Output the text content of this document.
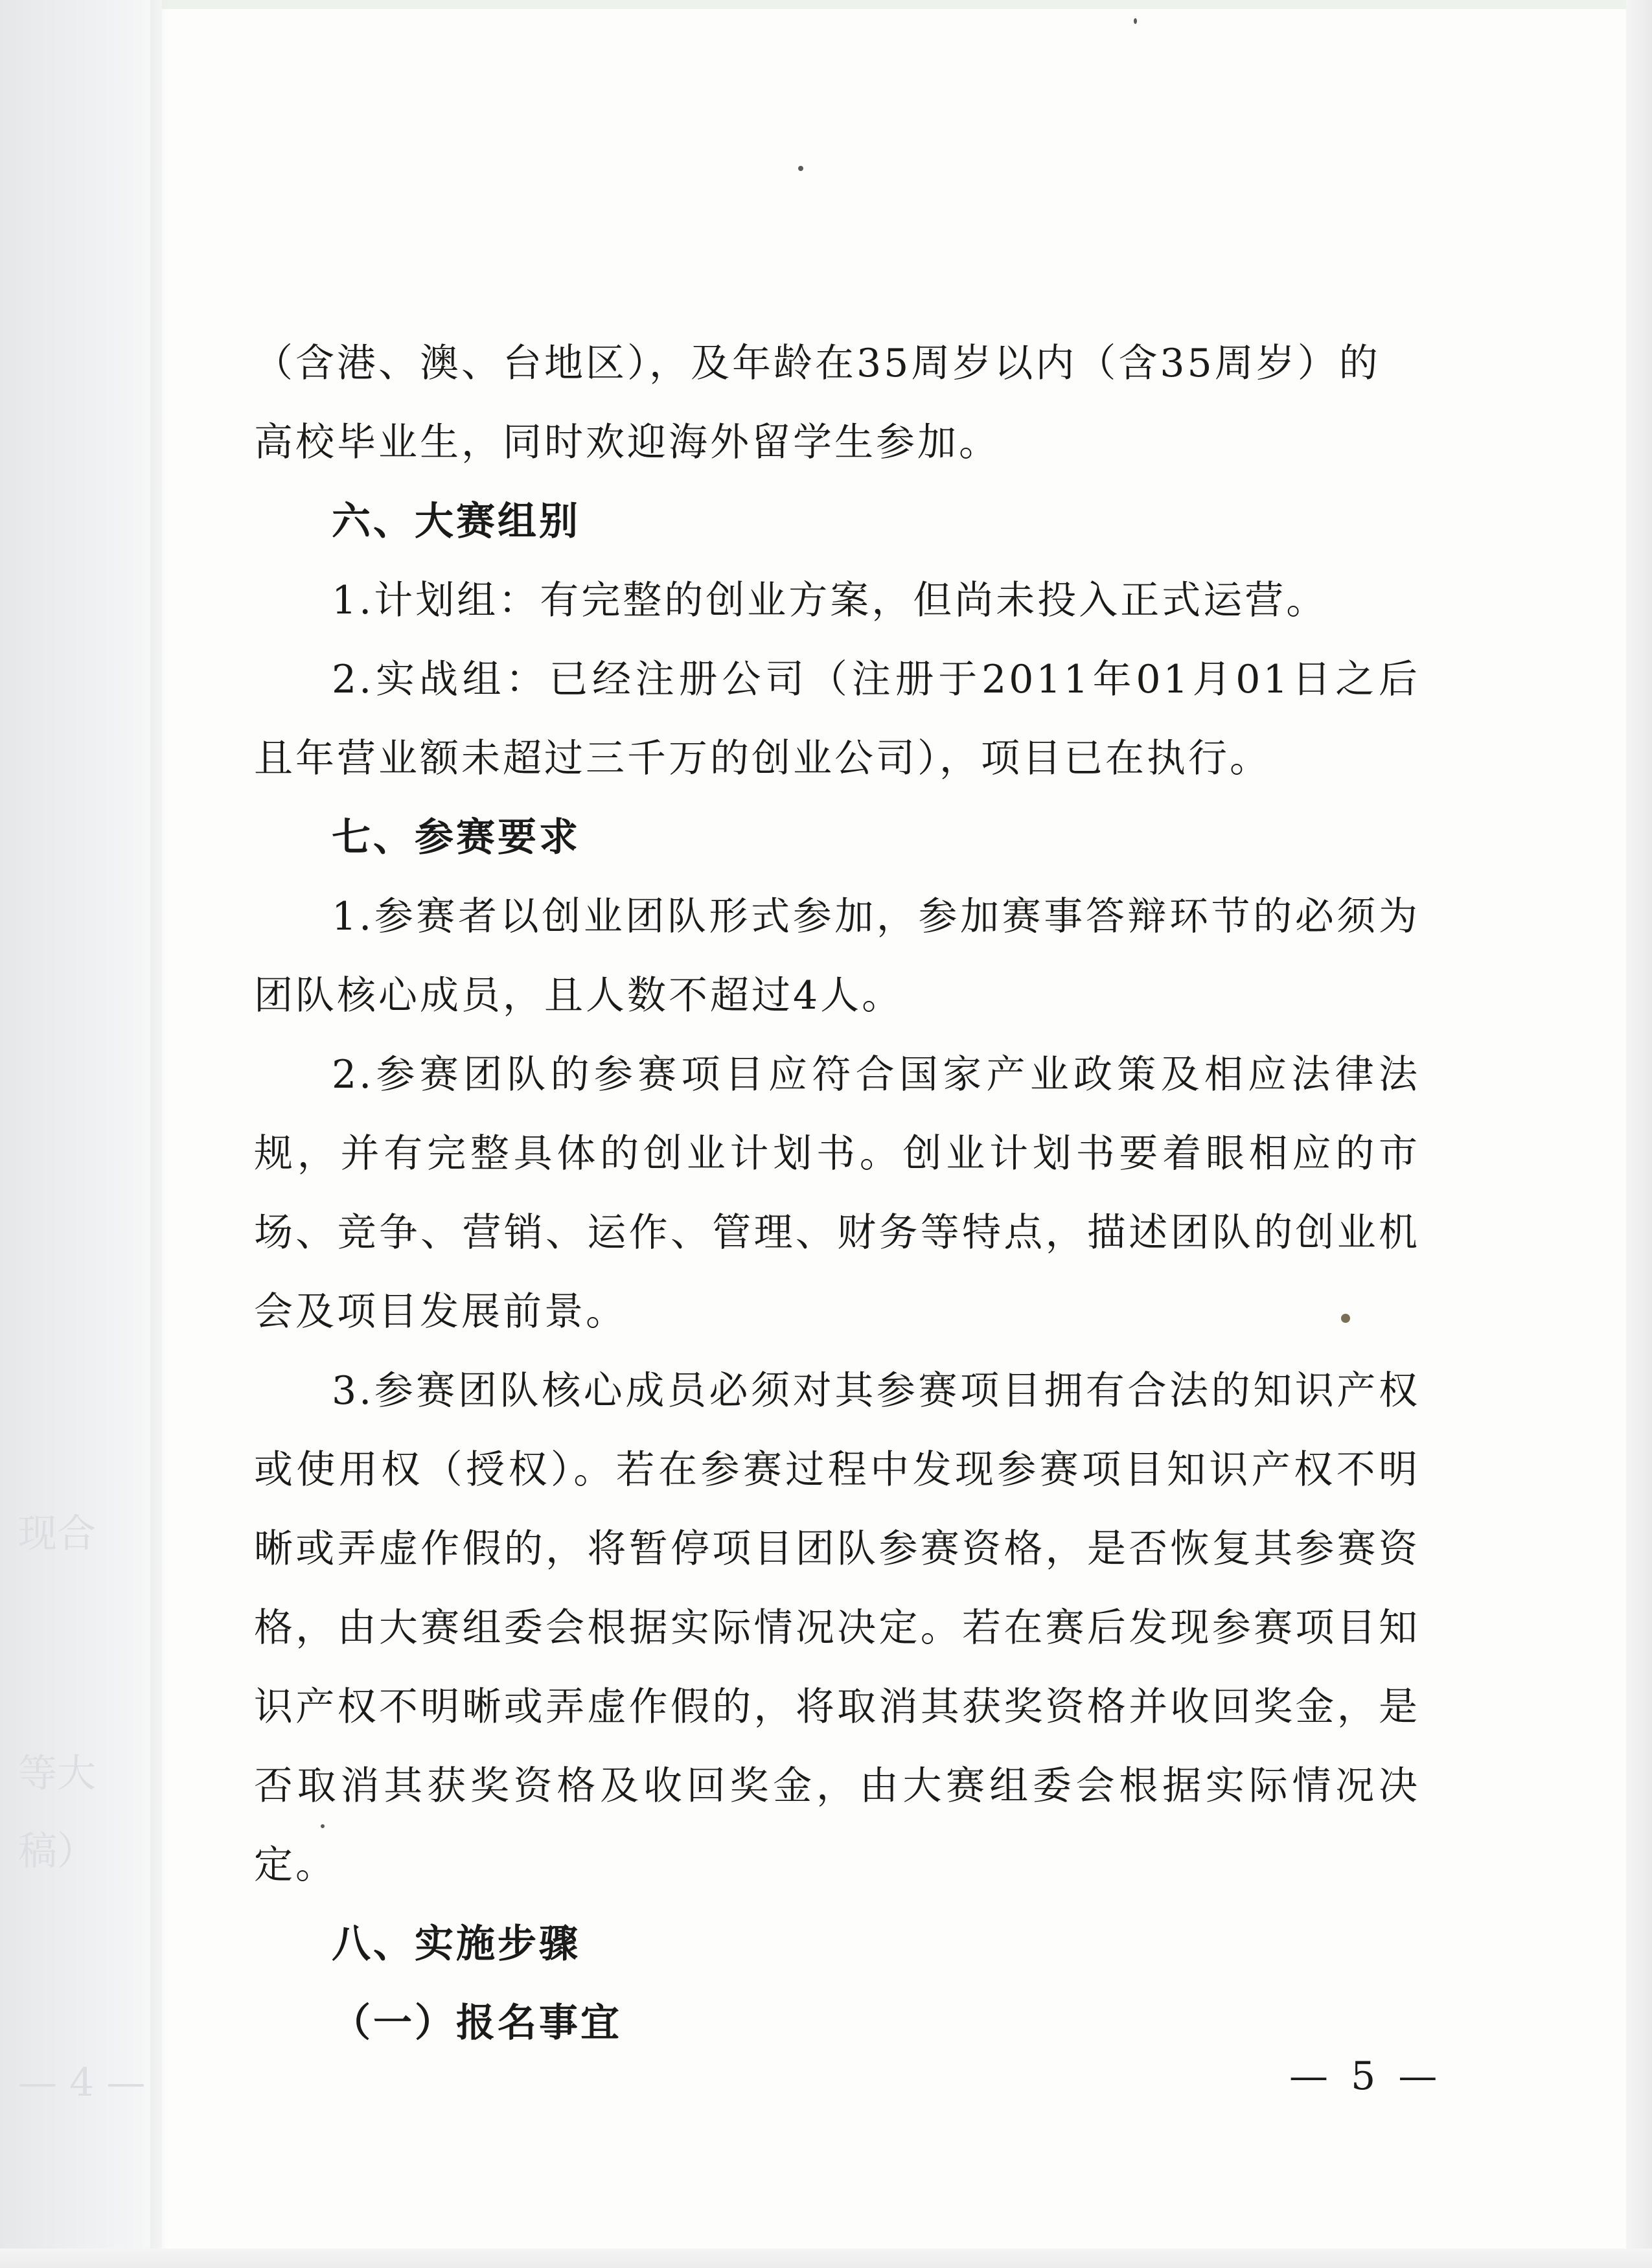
现合
等大
稿）
— 4 —

（含港、澳、台地区），及年龄在35周岁以内（含35周岁）的

高校毕业生，同时欢迎海外留学生参加。

六、大赛组别

1.计划组：有完整的创业方案，但尚未投入正式运营。

2.实战组：已经注册公司（注册于2011年01月01日之后且年营业额未超过三千万的创业公司），项目已在执行。

七、参赛要求

1.参赛者以创业团队形式参加，参加赛事答辩环节的必须为团队核心成员，且人数不超过4人。

2.参赛团队的参赛项目应符合国家产业政策及相应法律法规，并有完整具体的创业计划书。创业计划书要着眼相应的市场、竞争、营销、运作、管理、财务等特点，描述团队的创业机会及项目发展前景。

3.参赛团队核心成员必须对其参赛项目拥有合法的知识产权或使用权（授权）。若在参赛过程中发现参赛项目知识产权不明晰或弄虚作假的，将暂停项目团队参赛资格，是否恢复其参赛资格，由大赛组委会根据实际情况决定。若在赛后发现参赛项目知识产权不明晰或弄虚作假的，将取消其获奖资格并收回奖金，是否取消其获奖资格及收回奖金，由大赛组委会根据实际情况决定。

八、实施步骤

（一）报名事宜

— 5 —
